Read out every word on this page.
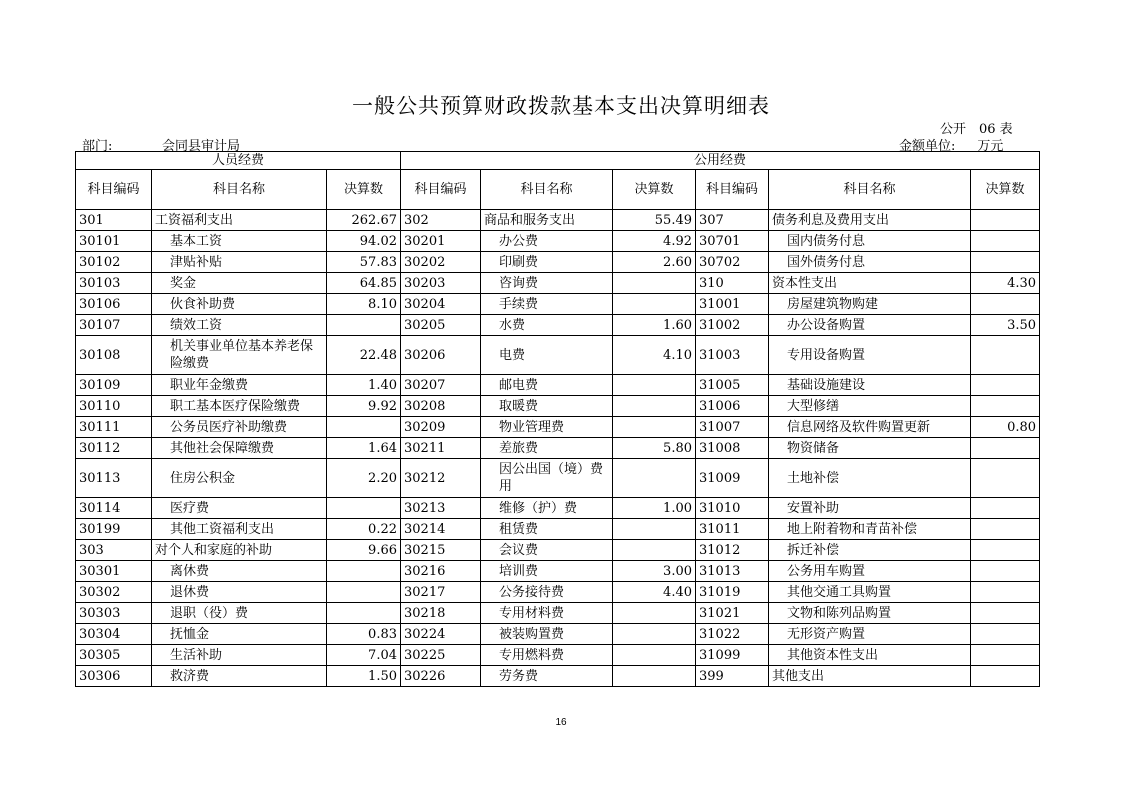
一般公共预算财政拨款基本支出决算明细表
公开　06 表
部门:	会同县审计局	金额单位: 万元
人员经费			公用经费					
科目编码	科目名称	决算数	科目编码	科目名称	决算数	科目编码	科目名称	决算数
301	工资福利支出	262.67	302	商品和服务支出	55.49	307	债务利息及费用支出	
30101	基本工资	94.02	30201	办公费	4.92	30701	国内债务付息	
30102	津贴补贴	57.83	30202	印刷费	2.60	30702	国外债务付息	
30103	奖金	64.85	30203	咨询费		310	资本性支出	4.30
30106	伙食补助费	8.10	30204	手续费		31001	房屋建筑物购建	
30107	绩效工资		30205	水费	1.60	31002	办公设备购置	3.50
30108	机关事业单位基本养老保险缴费	22.48	30206	电费	4.10	31003	专用设备购置	
30109	职业年金缴费	1.40	30207	邮电费		31005	基础设施建设	
30110	职工基本医疗保险缴费	9.92	30208	取暖费		31006	大型修缮	
30111	公务员医疗补助缴费		30209	物业管理费		31007	信息网络及软件购置更新	0.80
30112	其他社会保障缴费	1.64	30211	差旅费	5.80	31008	物资储备	
30113	住房公积金	2.20	30212	因公出国（境）费用		31009	土地补偿	
30114	医疗费		30213	维修（护）费	1.00	31010	安置补助	
30199	其他工资福利支出	0.22	30214	租赁费		31011	地上附着物和青苗补偿	
303	对个人和家庭的补助	9.66	30215	会议费		31012	拆迁补偿	
30301	离休费		30216	培训费	3.00	31013	公务用车购置	
30302	退休费		30217	公务接待费	4.40	31019	其他交通工具购置	
30303	退职（役）费		30218	专用材料费		31021	文物和陈列品购置	
30304	抚恤金	0.83	30224	被装购置费		31022	无形资产购置	
30305	生活补助	7.04	30225	专用燃料费		31099	其他资本性支出	
30306	救济费	1.50	30226	劳务费		399	其他支出	
16
